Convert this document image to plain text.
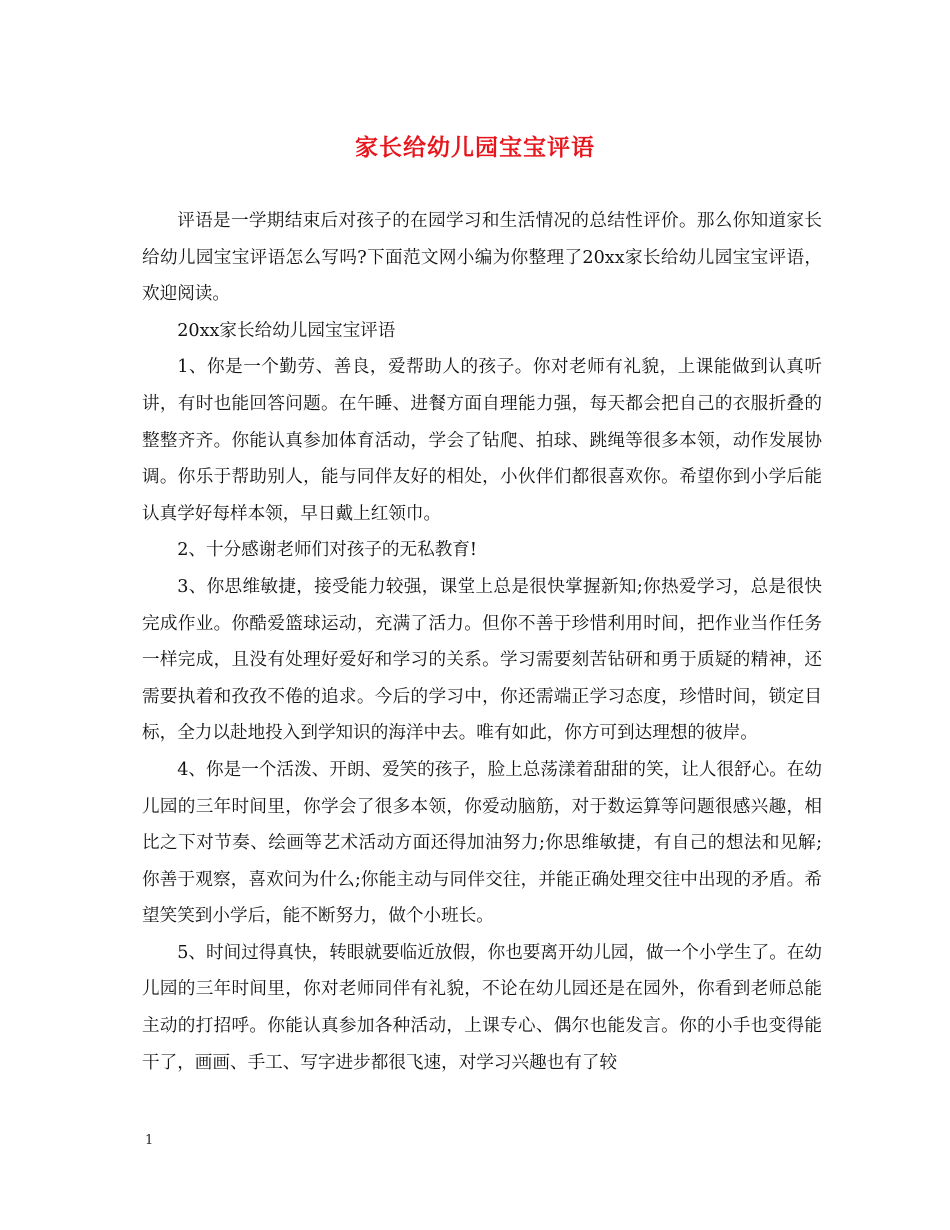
家长给幼儿园宝宝评语

评语是一学期结束后对孩子的在园学习和生活情况的总结性评价。那么你知道家长给幼儿园宝宝评语怎么写吗?下面范文网小编为你整理了20xx家长给幼儿园宝宝评语，欢迎阅读。

20xx家长给幼儿园宝宝评语

1、你是一个勤劳、善良，爱帮助人的孩子。你对老师有礼貌，上课能做到认真听讲，有时也能回答问题。在午睡、进餐方面自理能力强，每天都会把自己的衣服折叠的整整齐齐。你能认真参加体育活动，学会了钻爬、拍球、跳绳等很多本领，动作发展协调。你乐于帮助别人，能与同伴友好的相处，小伙伴们都很喜欢你。希望你到小学后能认真学好每样本领，早日戴上红领巾。

2、十分感谢老师们对孩子的无私教育!

3、你思维敏捷，接受能力较强，课堂上总是很快掌握新知;你热爱学习，总是很快完成作业。你酷爱篮球运动，充满了活力。但你不善于珍惜利用时间，把作业当作任务一样完成，且没有处理好爱好和学习的关系。学习需要刻苦钻研和勇于质疑的精神，还需要执着和孜孜不倦的追求。今后的学习中，你还需端正学习态度，珍惜时间，锁定目标，全力以赴地投入到学知识的海洋中去。唯有如此，你方可到达理想的彼岸。

4、你是一个活泼、开朗、爱笑的孩子，脸上总荡漾着甜甜的笑，让人很舒心。在幼儿园的三年时间里，你学会了很多本领，你爱动脑筋，对于数运算等问题很感兴趣，相比之下对节奏、绘画等艺术活动方面还得加油努力;你思维敏捷，有自己的想法和见解;你善于观察，喜欢问为什么;你能主动与同伴交往，并能正确处理交往中出现的矛盾。希望笑笑到小学后，能不断努力，做个小班长。

5、时间过得真快，转眼就要临近放假，你也要离开幼儿园，做一个小学生了。在幼儿园的三年时间里，你对老师同伴有礼貌，不论在幼儿园还是在园外，你看到老师总能主动的打招呼。你能认真参加各种活动，上课专心、偶尔也能发言。你的小手也变得能干了，画画、手工、写字进步都很飞速，对学习兴趣也有了较

1
